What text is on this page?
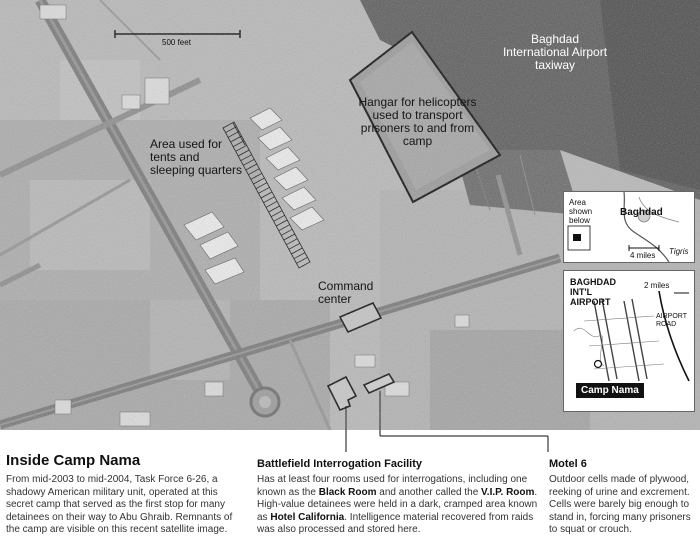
500 feet	Baghdad International Airport taxiway
Hangar for helicopters used to transport prisoners to and from camp
Area used for tents and sleeping quarters
Command center
Area shown below
Baghdad
Tigris
4 miles
BAGHDAD INT'L AIRPORT
2 miles
AIRPORT ROAD
Camp Nama
Inside Camp Nama
From mid-2003 to mid-2004, Task Force 6-26, a shadowy American military unit, operated at this secret camp that served as the first stop for many detainees on their way to Abu Ghraib. Remnants of the camp are visible on this recent satellite image.
Battlefield Interrogation Facility
Has at least four rooms used for interrogations, including one known as the Black Room and another called the V.I.P. Room. High-value detainees were held in a dark, cramped area known as Hotel California. Intelligence material recovered from raids was also processed and stored here.
Motel 6
Outdoor cells made of plywood, reeking of urine and excrement. Cells were barely big enough to stand in, forcing many prisoners to squat or crouch.
